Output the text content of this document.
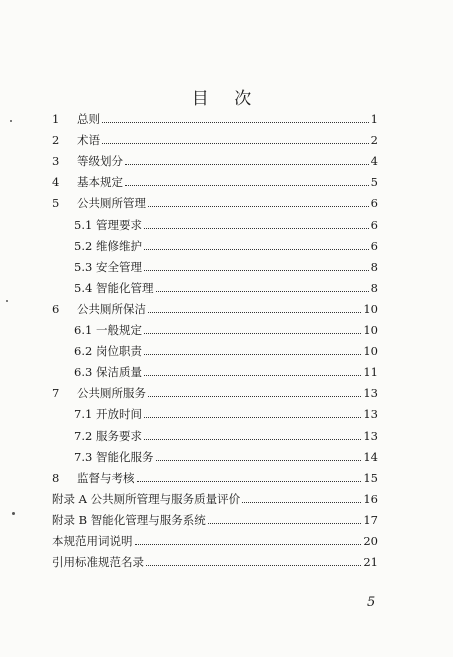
目 次
1	总则	1
2	术语	2
3	等级划分	4
4	基本规定	5
5	公共厕所管理	6
5.1 管理要求	6
5.2 维修维护	6
5.3 安全管理	8
5.4 智能化管理	8
6	公共厕所保洁	10
6.1 一般规定	10
6.2 岗位职责	10
6.3 保洁质量	11
7	公共厕所服务	13
7.1 开放时间	13
7.2 服务要求	13
7.3 智能化服务	14
8	监督与考核	15
附录 A 公共厕所管理与服务质量评价	16
附录 B 智能化管理与服务系统	17
本规范用词说明	20
引用标准规范名录	21
5
